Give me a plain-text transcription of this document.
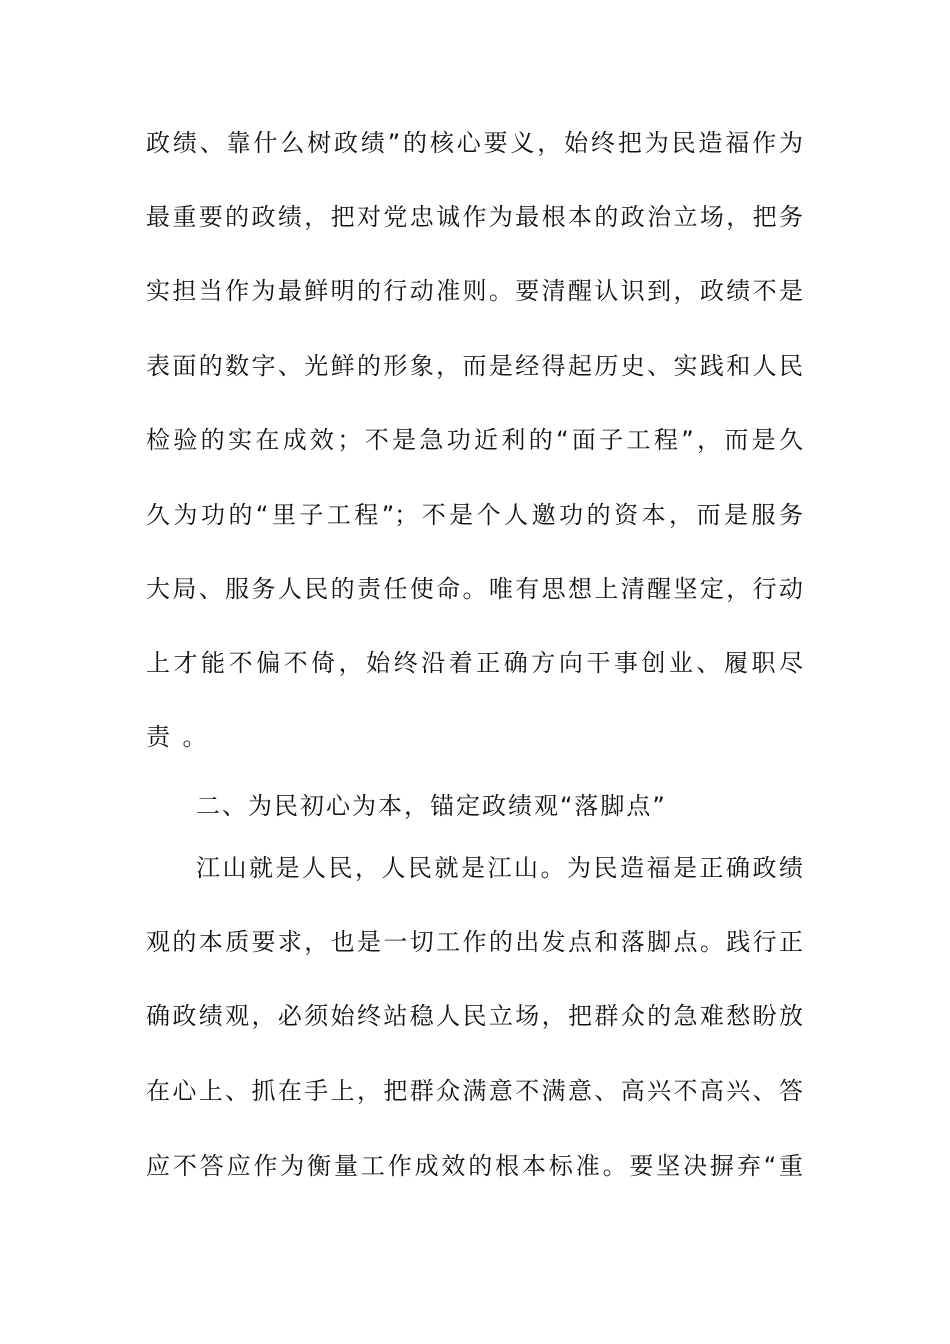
政绩、靠什么树政绩”的核心要义，始终把为民造福作为
最重要的政绩，把对党忠诚作为最根本的政治立场，把务
实担当作为最鲜明的行动准则。要清醒认识到，政绩不是
表面的数字、光鲜的形象，而是经得起历史、实践和人民
检验的实在成效；不是急功近利的“面子工程”，而是久
久为功的“里子工程”；不是个人邀功的资本，而是服务
大局、服务人民的责任使命。唯有思想上清醒坚定，行动
上才能不偏不倚，始终沿着正确方向干事创业、履职尽
责。
二、为民初心为本，锚定政绩观“落脚点”
江山就是人民，人民就是江山。为民造福是正确政绩
观的本质要求，也是一切工作的出发点和落脚点。践行正
确政绩观，必须始终站稳人民立场，把群众的急难愁盼放
在心上、抓在手上，把群众满意不满意、高兴不高兴、答
应不答应作为衡量工作成效的根本标准。要坚决摒弃“重
